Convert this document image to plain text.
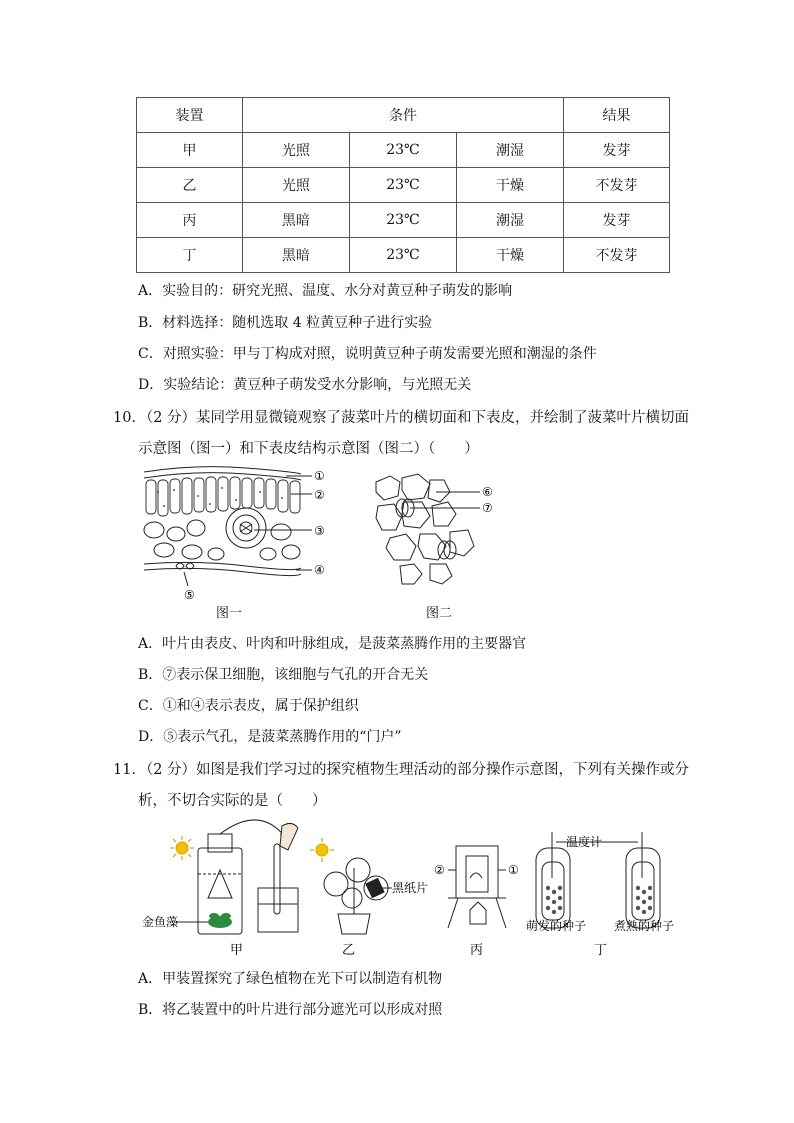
装置	条件			结果
甲	光照	23℃	潮湿	发芽
乙	光照	23℃	干燥	不发芽
丙	黑暗	23℃	潮湿	发芽
丁	黑暗	23℃	干燥	不发芽
A．实验目的：研究光照、温度、水分对黄豆种子萌发的影响
B．材料选择：随机选取 4 粒黄豆种子进行实验
C．对照实验：甲与丁构成对照，说明黄豆种子萌发需要光照和潮湿的条件
D．实验结论：黄豆种子萌发受水分影响，与光照无关
10．（2 分）某同学用显微镜观察了菠菜叶片的横切面和下表皮，并绘制了菠菜叶片横切面
示意图（图一）和下表皮结构示意图（图二）（　　）
①
②
③
④
⑤
⑥
⑦
图一	图二
A．叶片由表皮、叶肉和叶脉组成，是菠菜蒸腾作用的主要器官
B．⑦表示保卫细胞，该细胞与气孔的开合无关
C．①和④表示表皮，属于保护组织
D．⑤表示气孔，是菠菜蒸腾作用的“门户”
11．（2 分）如图是我们学习过的探究植物生理活动的部分操作示意图，下列有关操作或分
析，不切合实际的是（　　）
金鱼藻
甲
黑纸片
乙
①
②
丙
温度计
萌发的种子 煮熟的种子
丁
A．甲装置探究了绿色植物在光下可以制造有机物
B．将乙装置中的叶片进行部分遮光可以形成对照
